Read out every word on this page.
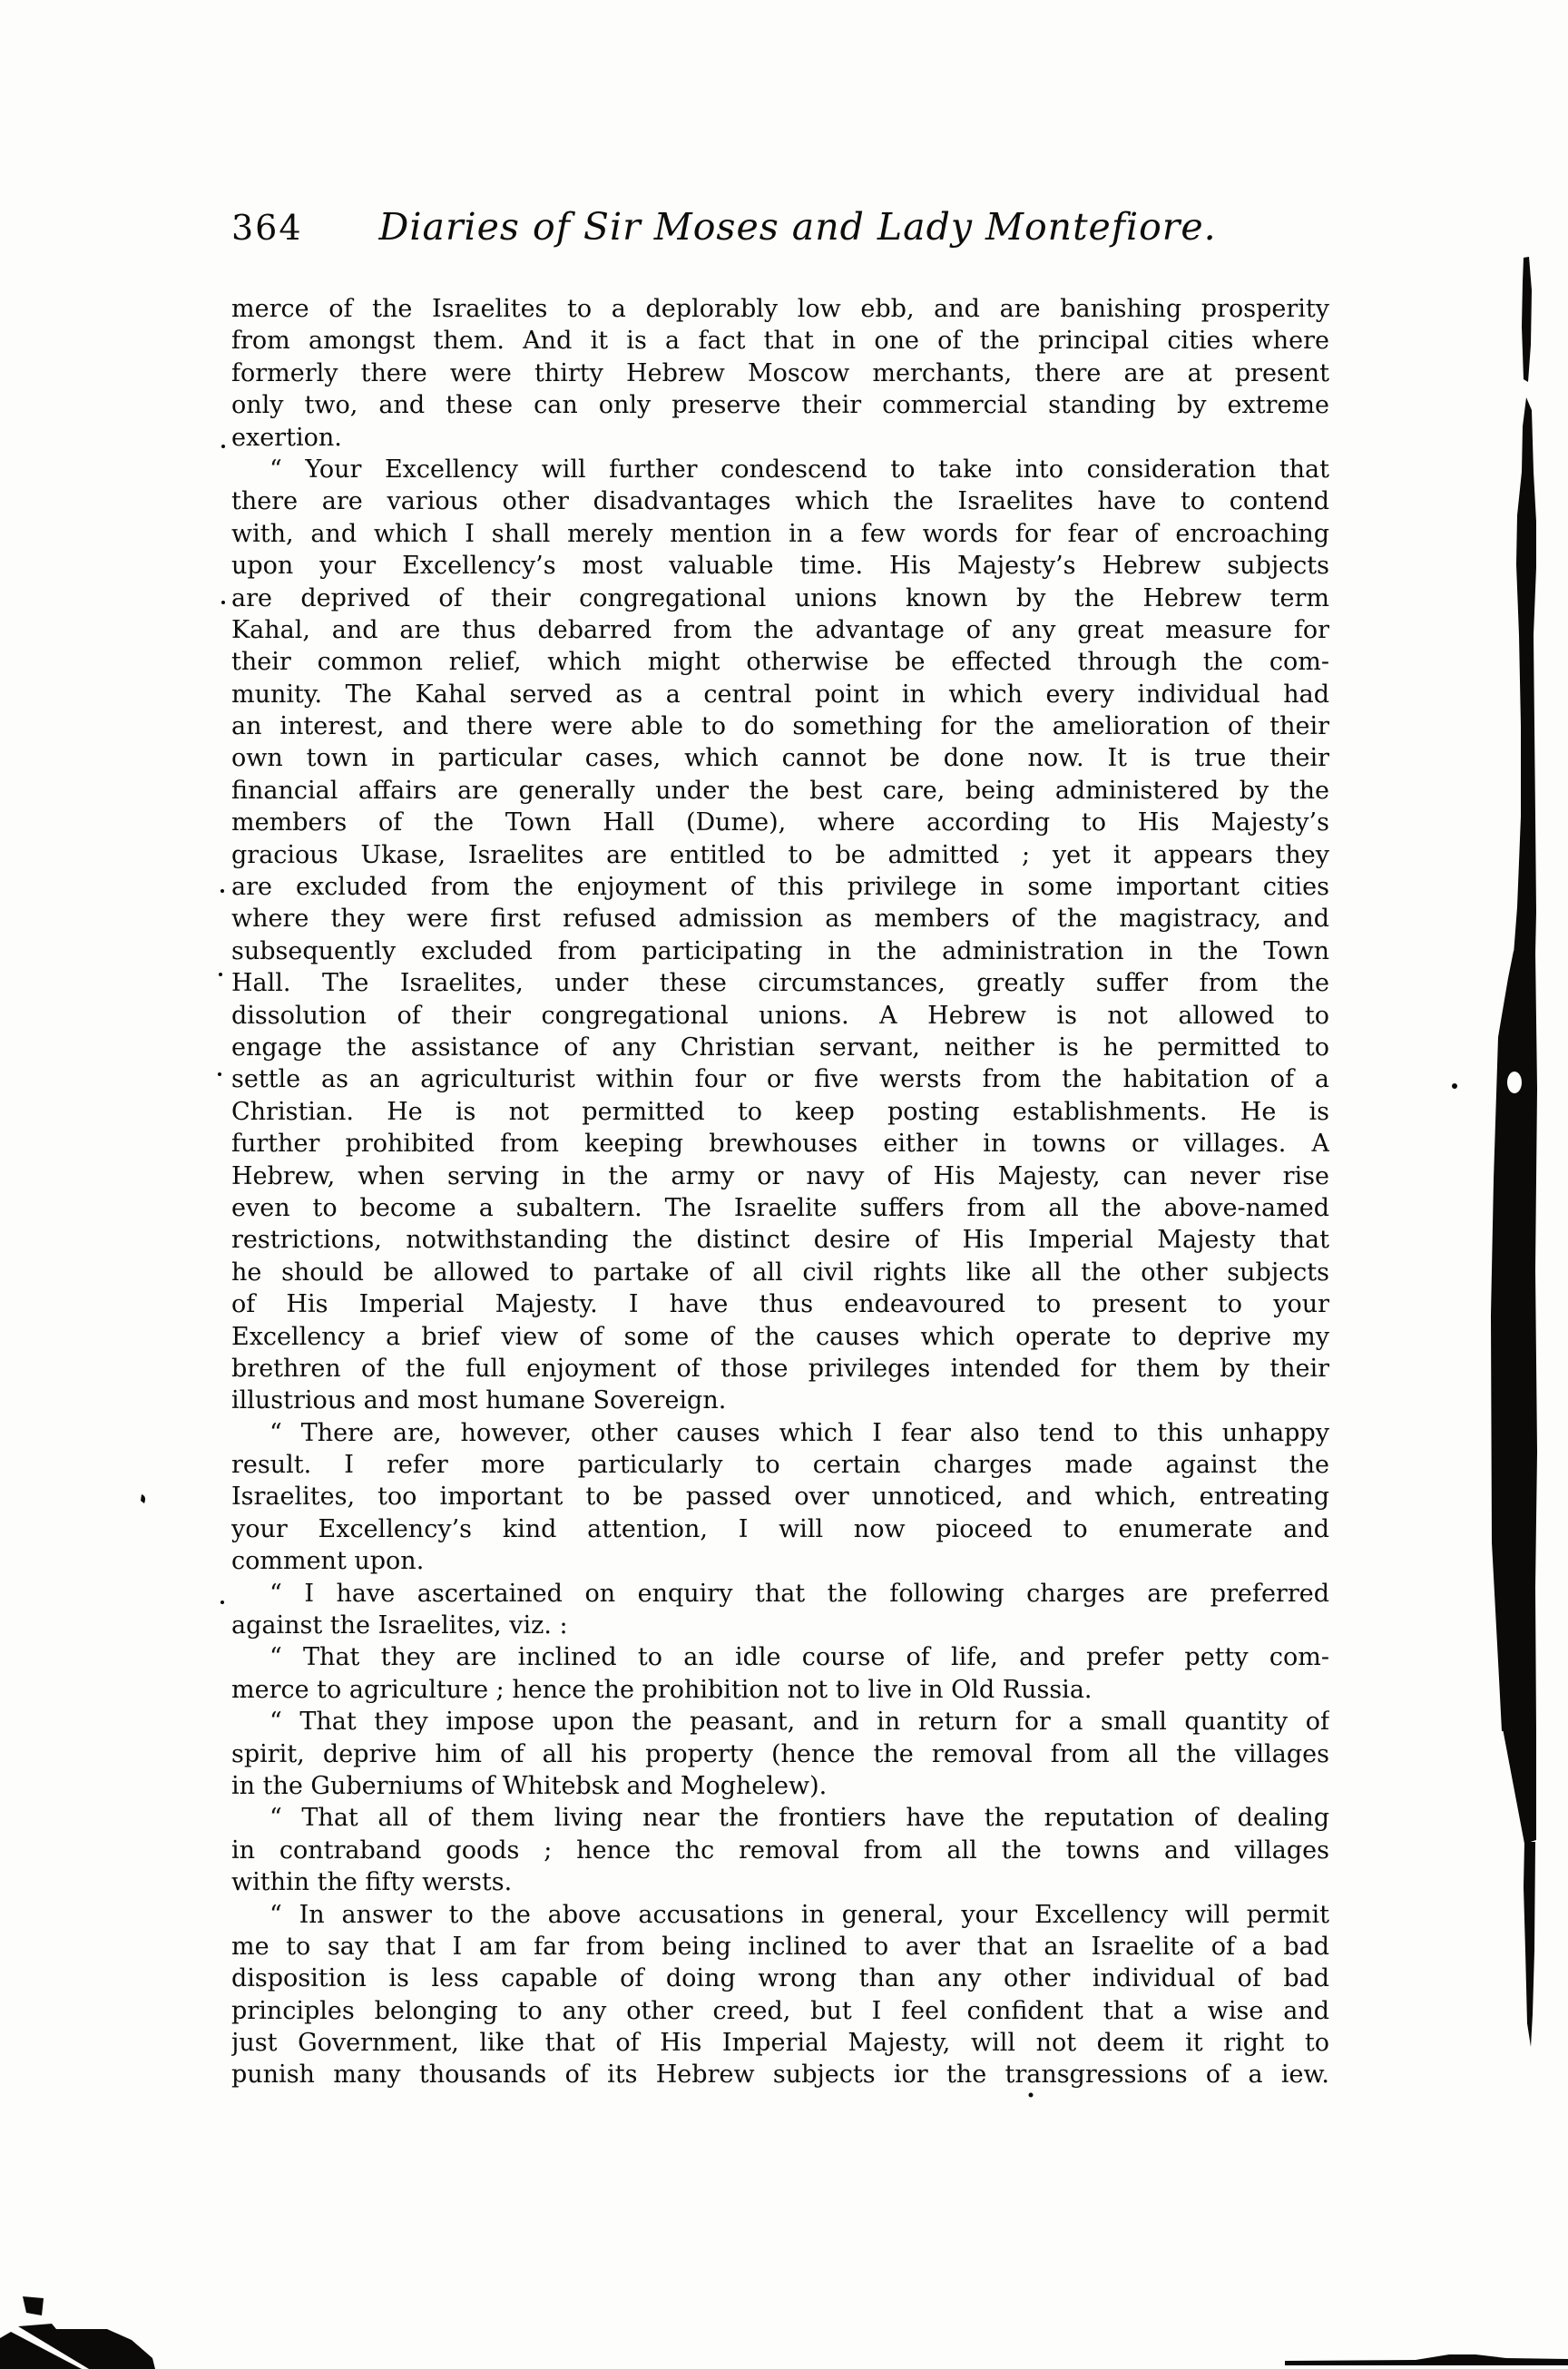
364 Diaries of Sir Moses and Lady Montefiore.
merce of the Israelites to a deplorably low ebb, and are banishing prosperity
from amongst them. And it is a fact that in one of the principal cities where
formerly there were thirty Hebrew Moscow merchants, there are at present
only two, and these can only preserve their commercial standing by extreme
exertion.
“ Your Excellency will further condescend to take into consideration that
there are various other disadvantages which the Israelites have to contend
with, and which I shall merely mention in a few words for fear of encroaching
upon your Excellency’s most valuable time. His Majesty’s Hebrew subjects
are deprived of their congregational unions known by the Hebrew term
Kahal, and are thus debarred from the advantage of any great measure for
their common relief, which might otherwise be effected through the com-
munity. The Kahal served as a central point in which every individual had
an interest, and there were able to do something for the amelioration of their
own town in particular cases, which cannot be done now. It is true their
financial affairs are generally under the best care, being administered by the
members of the Town Hall (Dume), where according to His Majesty’s
gracious Ukase, Israelites are entitled to be admitted ; yet it appears they
are excluded from the enjoyment of this privilege in some important cities
where they were first refused admission as members of the magistracy, and
subsequently excluded from participating in the administration in the Town
Hall. The Israelites, under these circumstances, greatly suffer from the
dissolution of their congregational unions. A Hebrew is not allowed to
engage the assistance of any Christian servant, neither is he permitted to
settle as an agriculturist within four or five wersts from the habitation of a
Christian. He is not permitted to keep posting establishments. He is
further prohibited from keeping brewhouses either in towns or villages. A
Hebrew, when serving in the army or navy of His Majesty, can never rise
even to become a subaltern. The Israelite suffers from all the above-named
restrictions, notwithstanding the distinct desire of His Imperial Majesty that
he should be allowed to partake of all civil rights like all the other subjects
of His Imperial Majesty. I have thus endeavoured to present to your
Excellency a brief view of some of the causes which operate to deprive my
brethren of the full enjoyment of those privileges intended for them by their
illustrious and most humane Sovereign.
“ There are, however, other causes which I fear also tend to this unhappy
result. I refer more particularly to certain charges made against the
Israelites, too important to be passed over unnoticed, and which, entreating
your Excellency’s kind attention, I will now pioceed to enumerate and
comment upon.
“ I have ascertained on enquiry that the following charges are preferred
against the Israelites, viz. :
“ That they are inclined to an idle course of life, and prefer petty com-
merce to agriculture ; hence the prohibition not to live in Old Russia.
“ That they impose upon the peasant, and in return for a small quantity of
spirit, deprive him of all his property (hence the removal from all the villages
in the Guberniums of Whitebsk and Moghelew).
“ That all of them living near the frontiers have the reputation of dealing
in contraband goods ; hence thc removal from all the towns and villages
within the fifty wersts.
“ In answer to the above accusations in general, your Excellency will permit
me to say that I am far from being inclined to aver that an Israelite of a bad
disposition is less capable of doing wrong than any other individual of bad
principles belonging to any other creed, but I feel confident that a wise and
just Government, like that of His Imperial Majesty, will not deem it right to
punish many thousands of its Hebrew subjects ior the transgressions of a iew.
